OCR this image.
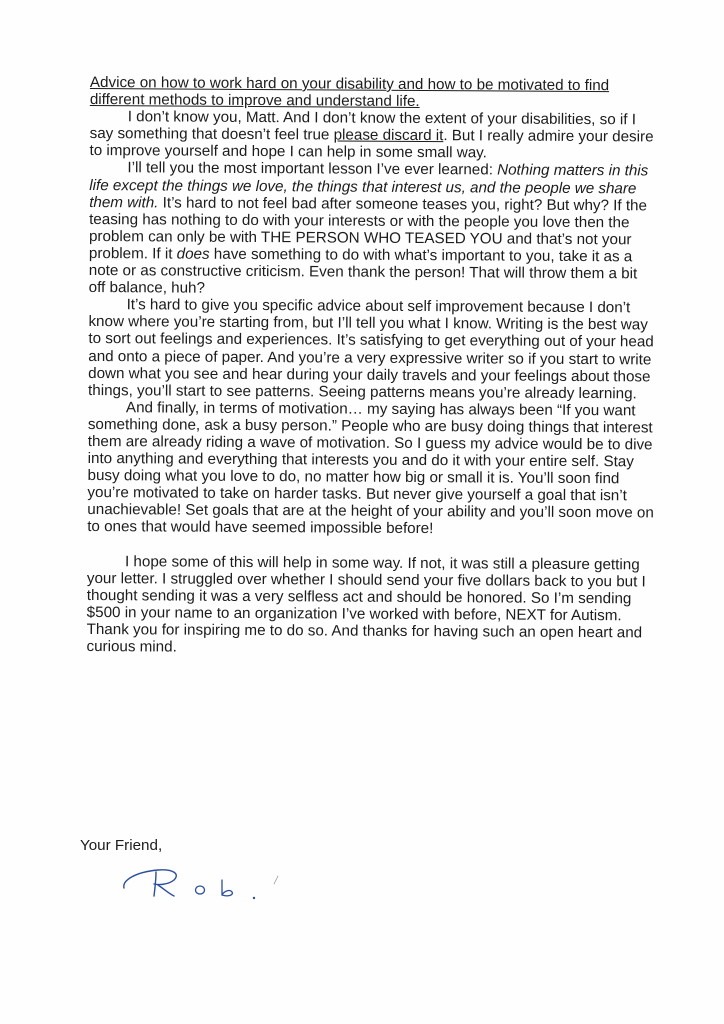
Advice on how to work hard on your disability and how to be motivated to find different methods to improve and understand life.

I don’t know you, Matt. And I don’t know the extent of your disabilities, so if I say something that doesn’t feel true please discard it. But I really admire your desire to improve yourself and hope I can help in some small way.

I’ll tell you the most important lesson I’ve ever learned: Nothing matters in this life except the things we love, the things that interest us, and the people we share them with. It’s hard to not feel bad after someone teases you, right? But why? If the teasing has nothing to do with your interests or with the people you love then the problem can only be with THE PERSON WHO TEASED YOU and that’s not your problem. If it does have something to do with what’s important to you, take it as a note or as constructive criticism. Even thank the person! That will throw them a bit off balance, huh?

It’s hard to give you specific advice about self improvement because I don’t know where you’re starting from, but I’ll tell you what I know. Writing is the best way to sort out feelings and experiences. It’s satisfying to get everything out of your head and onto a piece of paper. And you’re a very expressive writer so if you start to write down what you see and hear during your daily travels and your feelings about those things, you’ll start to see patterns. Seeing patterns means you’re already learning.

And finally, in terms of motivation… my saying has always been “If you want something done, ask a busy person.” People who are busy doing things that interest them are already riding a wave of motivation. So I guess my advice would be to dive into anything and everything that interests you and do it with your entire self. Stay busy doing what you love to do, no matter how big or small it is. You’ll soon find you’re motivated to take on harder tasks. But never give yourself a goal that isn’t unachievable! Set goals that are at the height of your ability and you’ll soon move on to ones that would have seemed impossible before!

I hope some of this will help in some way. If not, it was still a pleasure getting your letter. I struggled over whether I should send your five dollars back to you but I thought sending it was a very selfless act and should be honored. So I’m sending $500 in your name to an organization I’ve worked with before, NEXT for Autism. Thank you for inspiring me to do so. And thanks for having such an open heart and curious mind.

Your Friend,
